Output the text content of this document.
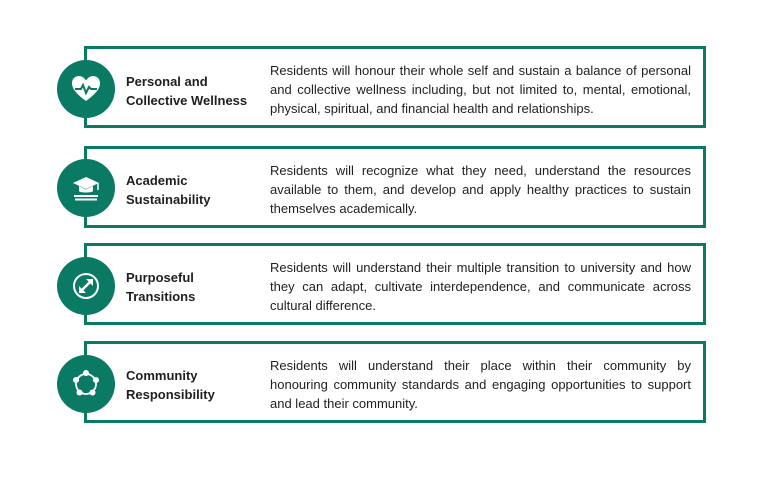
Personal and Collective Wellness
Residents will honour their whole self and sustain a balance of personal and collective wellness including, but not limited to, mental, emotional, physical, spiritual, and financial health and relationships.
Academic Sustainability
Residents will recognize what they need, understand the resources available to them, and develop and apply healthy practices to sustain themselves academically.
Purposeful Transitions
Residents will understand their multiple transition to university and how they can adapt, cultivate interdependence, and communicate across cultural difference.
Community Responsibility
Residents will understand their place within their community by honouring community standards and engaging opportunities to support and lead their community.
